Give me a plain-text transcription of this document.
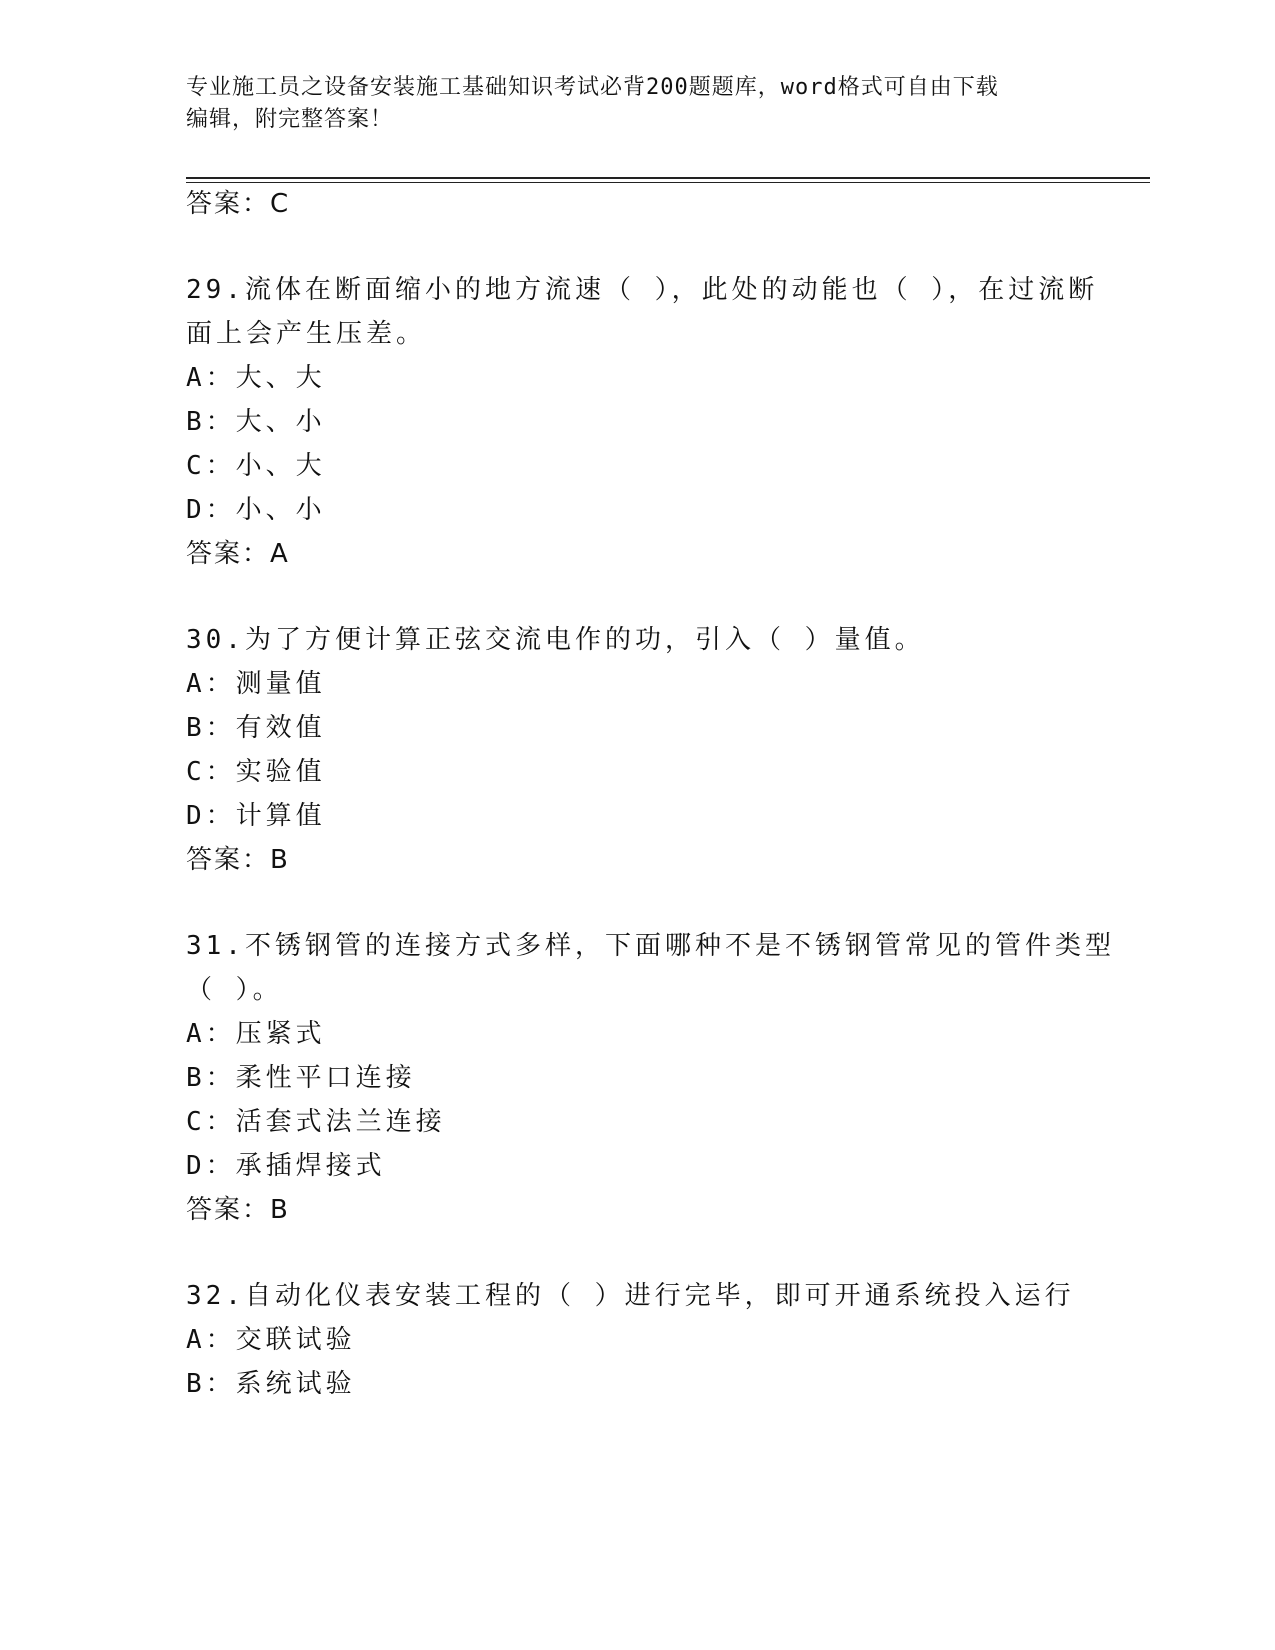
专业施工员之设备安装施工基础知识考试必背200题题库，word格式可自由下载
编辑，附完整答案！
答案：C
29.流体在断面缩小的地方流速（ ），此处的动能也（ ），在过流断
面上会产生压差。
A：大、大
B：大、小
C：小、大
D：小、小
答案：A
30.为了方便计算正弦交流电作的功，引入（ ）量值。
A：测量值
B：有效值
C：实验值
D：计算值
答案：B
31.不锈钢管的连接方式多样，下面哪种不是不锈钢管常见的管件类型
（ ）。
A：压紧式
B：柔性平口连接
C：活套式法兰连接
D：承插焊接式
答案：B
32.自动化仪表安装工程的（ ）进行完毕，即可开通系统投入运行
A：交联试验
B：系统试验
